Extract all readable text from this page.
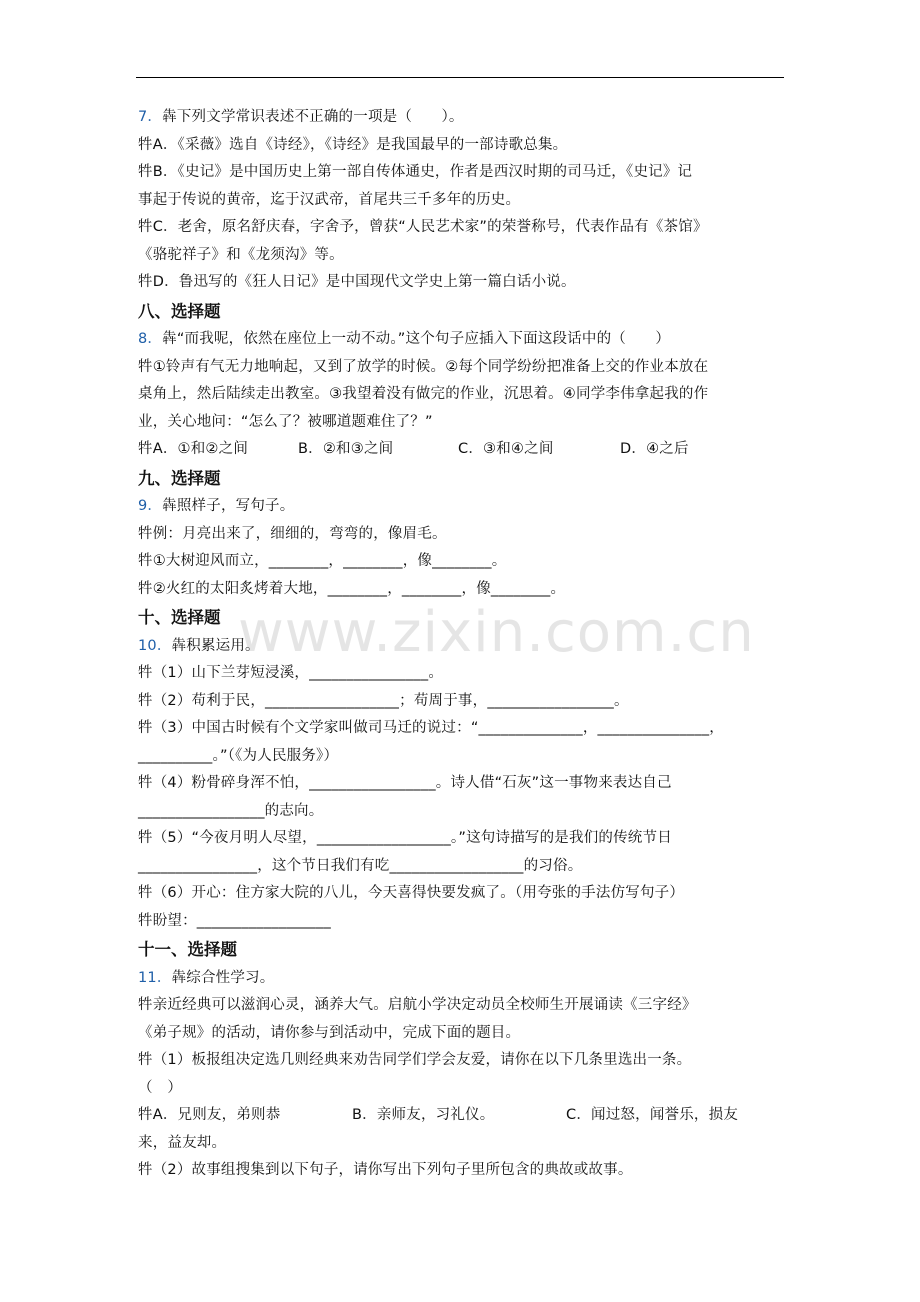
7．犇下列文学常识表述不正确的一项是（　　）。
牪A．《采薇》选自《诗经》，《诗经》是我国最早的一部诗歌总集。
牪B．《史记》是中国历史上第一部自传体通史，作者是西汉时期的司马迁，《史记》记
事起于传说的黄帝，迄于汉武帝，首尾共三千多年的历史。
牪C．老舍，原名舒庆春，字舍予，曾获“人民艺术家”的荣誉称号，代表作品有《茶馆》
《骆驼祥子》和《龙须沟》等。
牪D．鲁迅写的《狂人日记》是中国现代文学史上第一篇白话小说。
八、选择题
8．犇“而我呢，依然在座位上一动不动。”这个句子应插入下面这段话中的（　　）
牪①铃声有气无力地响起，又到了放学的时候。②每个同学纷纷把准备上交的作业本放在
桌角上，然后陆续走出教室。③我望着没有做完的作业，沉思着。④同学李伟拿起我的作
业，关心地问：“怎么了？被哪道题难住了？”
牪A．①和②之间	B．②和③之间	C．③和④之间	D．④之后
九、选择题
9．犇照样子，写句子。
牪例：月亮出来了，细细的，弯弯的，像眉毛。
牪①大树迎风而立，________，________，像________。
牪②火红的太阳炙烤着大地，________，________，像________。
十、选择题
10．犇积累运用。
牪（1）山下兰芽短浸溪，________________。
牪（2）苟利于民，__________________；苟周于事，_________________。
牪（3）中国古时候有个文学家叫做司马迁的说过：“______________，_______________，
__________。”（《为人民服务》）
牪（4）粉骨碎身浑不怕，_________________。诗人借“石灰”这一事物来表达自己
_________________的志向。
牪（5）“今夜月明人尽望，__________________。”这句诗描写的是我们的传统节日
________________，这个节日我们有吃__________________的习俗。
牪（6）开心：住方家大院的八儿，今天喜得快要发疯了。（用夸张的手法仿写句子）
牪盼望：__________________
十一、选择题
11．犇综合性学习。
牪亲近经典可以滋润心灵，涵养大气。启航小学决定动员全校师生开展诵读《三字经》
《弟子规》的活动，请你参与到活动中，完成下面的题目。
牪（1）板报组决定选几则经典来劝告同学们学会友爱，请你在以下几条里选出一条。
（　）
牪A．兄则友，弟则恭	B．亲师友，习礼仪。	C．闻过怒，闻誉乐，损友
来，益友却。
牪（2）故事组搜集到以下句子，请你写出下列句子里所包含的典故或故事。
www.zixin.com.cn
